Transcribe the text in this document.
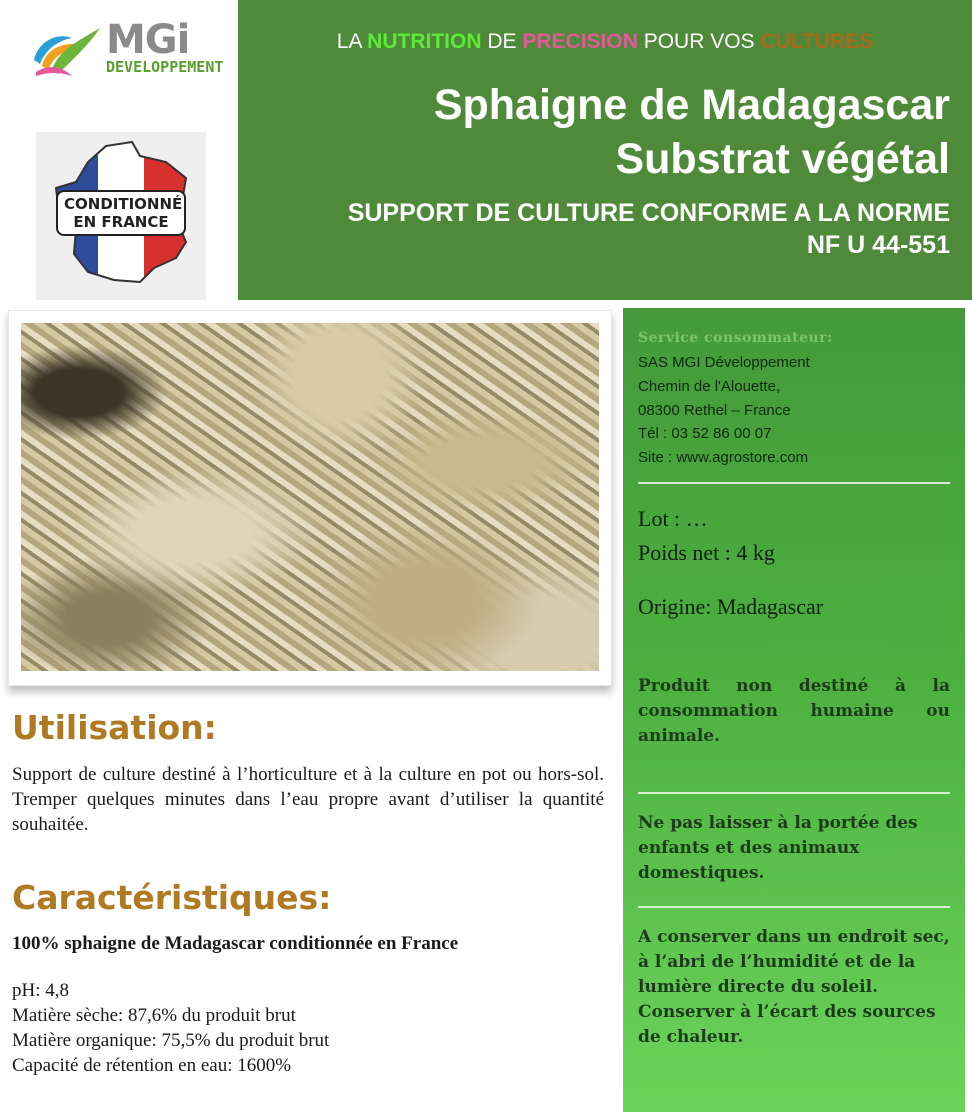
MGi
DEVELOPPEMENT
CONDITIONNÉ EN FRANCE
LA NUTRITION DE PRECISION POUR VOS CULTURES
Sphaigne de Madagascar
Substrat végétal
SUPPORT DE CULTURE CONFORME A LA NORME
NF U 44-551
Utilisation:

Support de culture destiné à l’horticulture et à la culture en pot ou hors-sol. Tremper quelques minutes dans l’eau propre avant d’utiliser la quantité souhaitée.

Caractéristiques:
100% sphaigne de Madagascar conditionnée en France
pH: 4,8
Matière sèche: 87,6% du produit brut
Matière organique: 75,5% du produit brut
Capacité de rétention en eau: 1600%
Service consommateur:
SAS MGI Développement
Chemin de l'Alouette,
08300 Rethel – France
Tél : 03 52 86 00 07
Site : www.agrostore.com
Lot : …
Poids net : 4 kg
Origine: Madagascar
Produit non destiné à la consommation humaine ou animale.
Ne pas laisser à la portée des enfants et des animaux domestiques.
A conserver dans un endroit sec, à l’abri de l’humidité et de la lumière directe du soleil. Conserver à l’écart des sources de chaleur.
